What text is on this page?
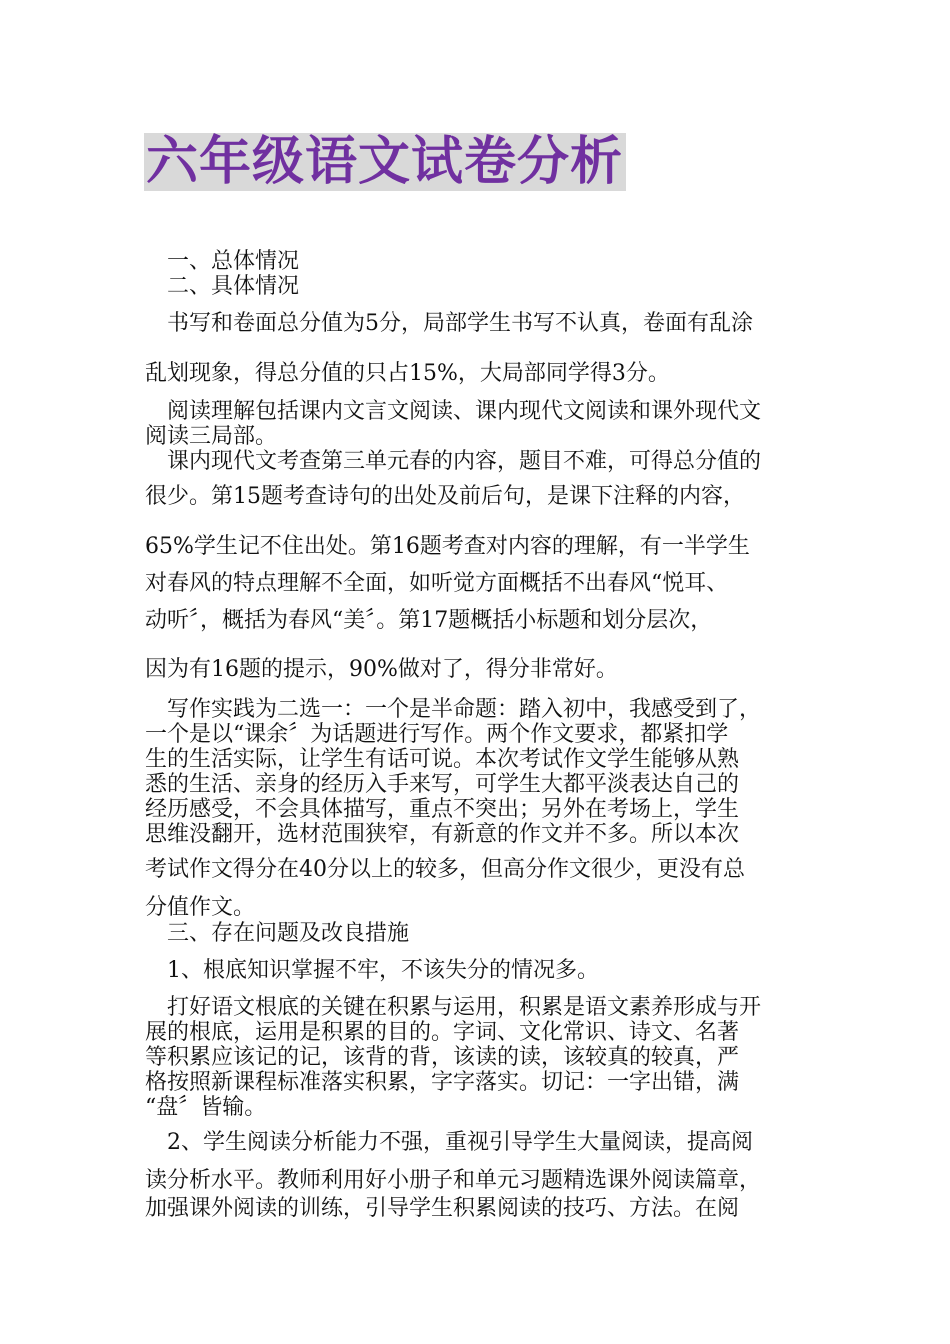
六年级语文试卷分析
　一、总体情况
　二、具体情况
　书写和卷面总分值为5分，局部学生书写不认真，卷面有乱涂
乱划现象，得总分值的只占15%，大局部同学得3分。
　阅读理解包括课内文言文阅读、课内现代文阅读和课外现代文
阅读三局部。
　课内现代文考查第三单元春的内容，题目不难，可得总分值的
很少。第15题考查诗句的出处及前后句，是课下注释的内容，
65%学生记不住出处。第16题考查对内容的理解，有一半学生
对春风的特点理解不全面，如听觉方面概括不出春风“悦耳、
动听〞，概括为春风“美〞。第17题概括小标题和划分层次，
因为有16题的提示，90%做对了，得分非常好。
　写作实践为二选一：一个是半命题：踏入初中，我感受到了，
一个是以“课余〞为话题进行写作。两个作文要求，都紧扣学
生的生活实际，让学生有话可说。本次考试作文学生能够从熟
悉的生活、亲身的经历入手来写，可学生大都平淡表达自己的
经历感受，不会具体描写，重点不突出；另外在考场上，学生
思维没翻开，选材范围狭窄，有新意的作文并不多。所以本次
考试作文得分在40分以上的较多，但高分作文很少，更没有总
分值作文。
　三、存在问题及改良措施
　1、根底知识掌握不牢，不该失分的情况多。
　打好语文根底的关键在积累与运用，积累是语文素养形成与开
展的根底，运用是积累的目的。字词、文化常识、诗文、名著
等积累应该记的记，该背的背，该读的读，该较真的较真，严
格按照新课程标准落实积累，字字落实。切记：一字出错，满
“盘〞皆输。
　2、学生阅读分析能力不强，重视引导学生大量阅读，提高阅
读分析水平。教师利用好小册子和单元习题精选课外阅读篇章，
加强课外阅读的训练，引导学生积累阅读的技巧、方法。在阅
